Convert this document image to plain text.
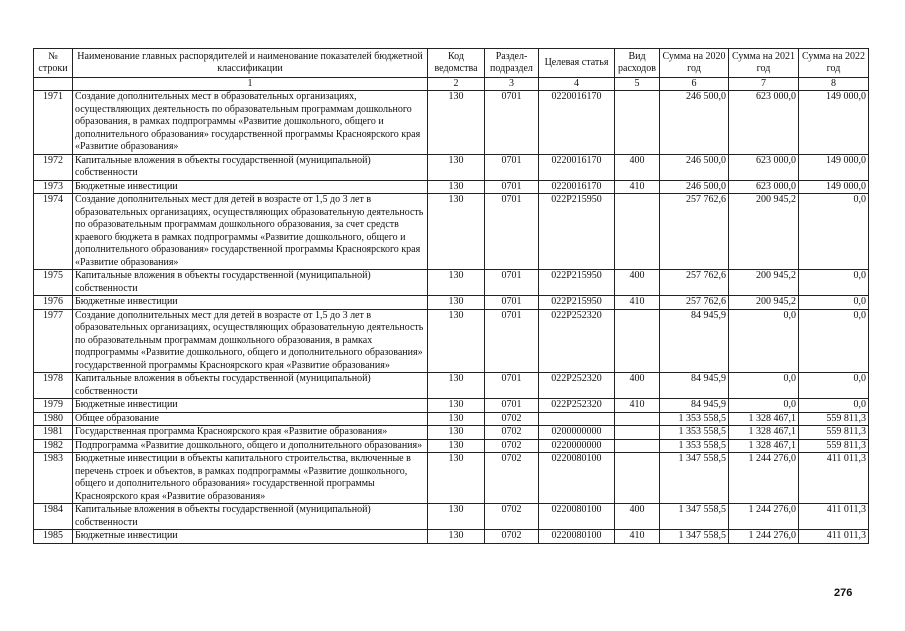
№ строки	Наименование главных распорядителей и наименование показателей бюджетной классификации	Код ведомства	Раздел- подраздел	Целевая статья	Вид расходов	Сумма на 2020 год	Сумма на 2021 год	Сумма на 2022 год
	1	2	3	4	5	6	7	8
1971	Создание дополнительных мест в образовательных организациях, осуществляющих деятельность по образовательным программам дошкольного образования, в рамках подпрограммы «Развитие дошкольного, общего и дополнительного образования» государственной программы Красноярского края «Развитие образования»	130	0701	0220016170		246 500,0	623 000,0	149 000,0
1972	Капитальные вложения в объекты государственной (муниципальной) собственности	130	0701	0220016170	400	246 500,0	623 000,0	149 000,0
1973	Бюджетные инвестиции	130	0701	0220016170	410	246 500,0	623 000,0	149 000,0
1974	Создание дополнительных мест для детей в возрасте от 1,5 до 3 лет в образовательных организациях, осуществляющих образовательную деятельность по образовательным программам дошкольного образования, за счет средств краевого бюджета в рамках подпрограммы «Развитие дошкольного, общего и дополнительного образования» государственной программы Красноярского края «Развитие образования»	130	0701	022P215950		257 762,6	200 945,2	0,0
1975	Капитальные вложения в объекты государственной (муниципальной) собственности	130	0701	022P215950	400	257 762,6	200 945,2	0,0
1976	Бюджетные инвестиции	130	0701	022P215950	410	257 762,6	200 945,2	0,0
1977	Создание дополнительных мест для детей в возрасте от 1,5 до 3 лет в образовательных организациях, осуществляющих образовательную деятельность по образовательным программам дошкольного образования, в рамках подпрограммы «Развитие дошкольного, общего и дополнительного образования» государственной программы Красноярского края «Развитие образования»	130	0701	022P252320		84 945,9	0,0	0,0
1978	Капитальные вложения в объекты государственной (муниципальной) собственности	130	0701	022P252320	400	84 945,9	0,0	0,0
1979	Бюджетные инвестиции	130	0701	022P252320	410	84 945,9	0,0	0,0
1980	Общее образование	130	0702			1 353 558,5	1 328 467,1	559 811,3
1981	Государственная программа Красноярского края «Развитие образования»	130	0702	0200000000		1 353 558,5	1 328 467,1	559 811,3
1982	Подпрограмма «Развитие дошкольного, общего и дополнительного образования»	130	0702	0220000000		1 353 558,5	1 328 467,1	559 811,3
1983	Бюджетные инвестиции в объекты капитального строительства, включенные в перечень строек и объектов, в рамках подпрограммы «Развитие дошкольного, общего и дополнительного образования» государственной программы Красноярского края «Развитие образования»	130	0702	0220080100		1 347 558,5	1 244 276,0	411 011,3
1984	Капитальные вложения в объекты государственной (муниципальной) собственности	130	0702	0220080100	400	1 347 558,5	1 244 276,0	411 011,3
1985	Бюджетные инвестиции	130	0702	0220080100	410	1 347 558,5	1 244 276,0	411 011,3
276
